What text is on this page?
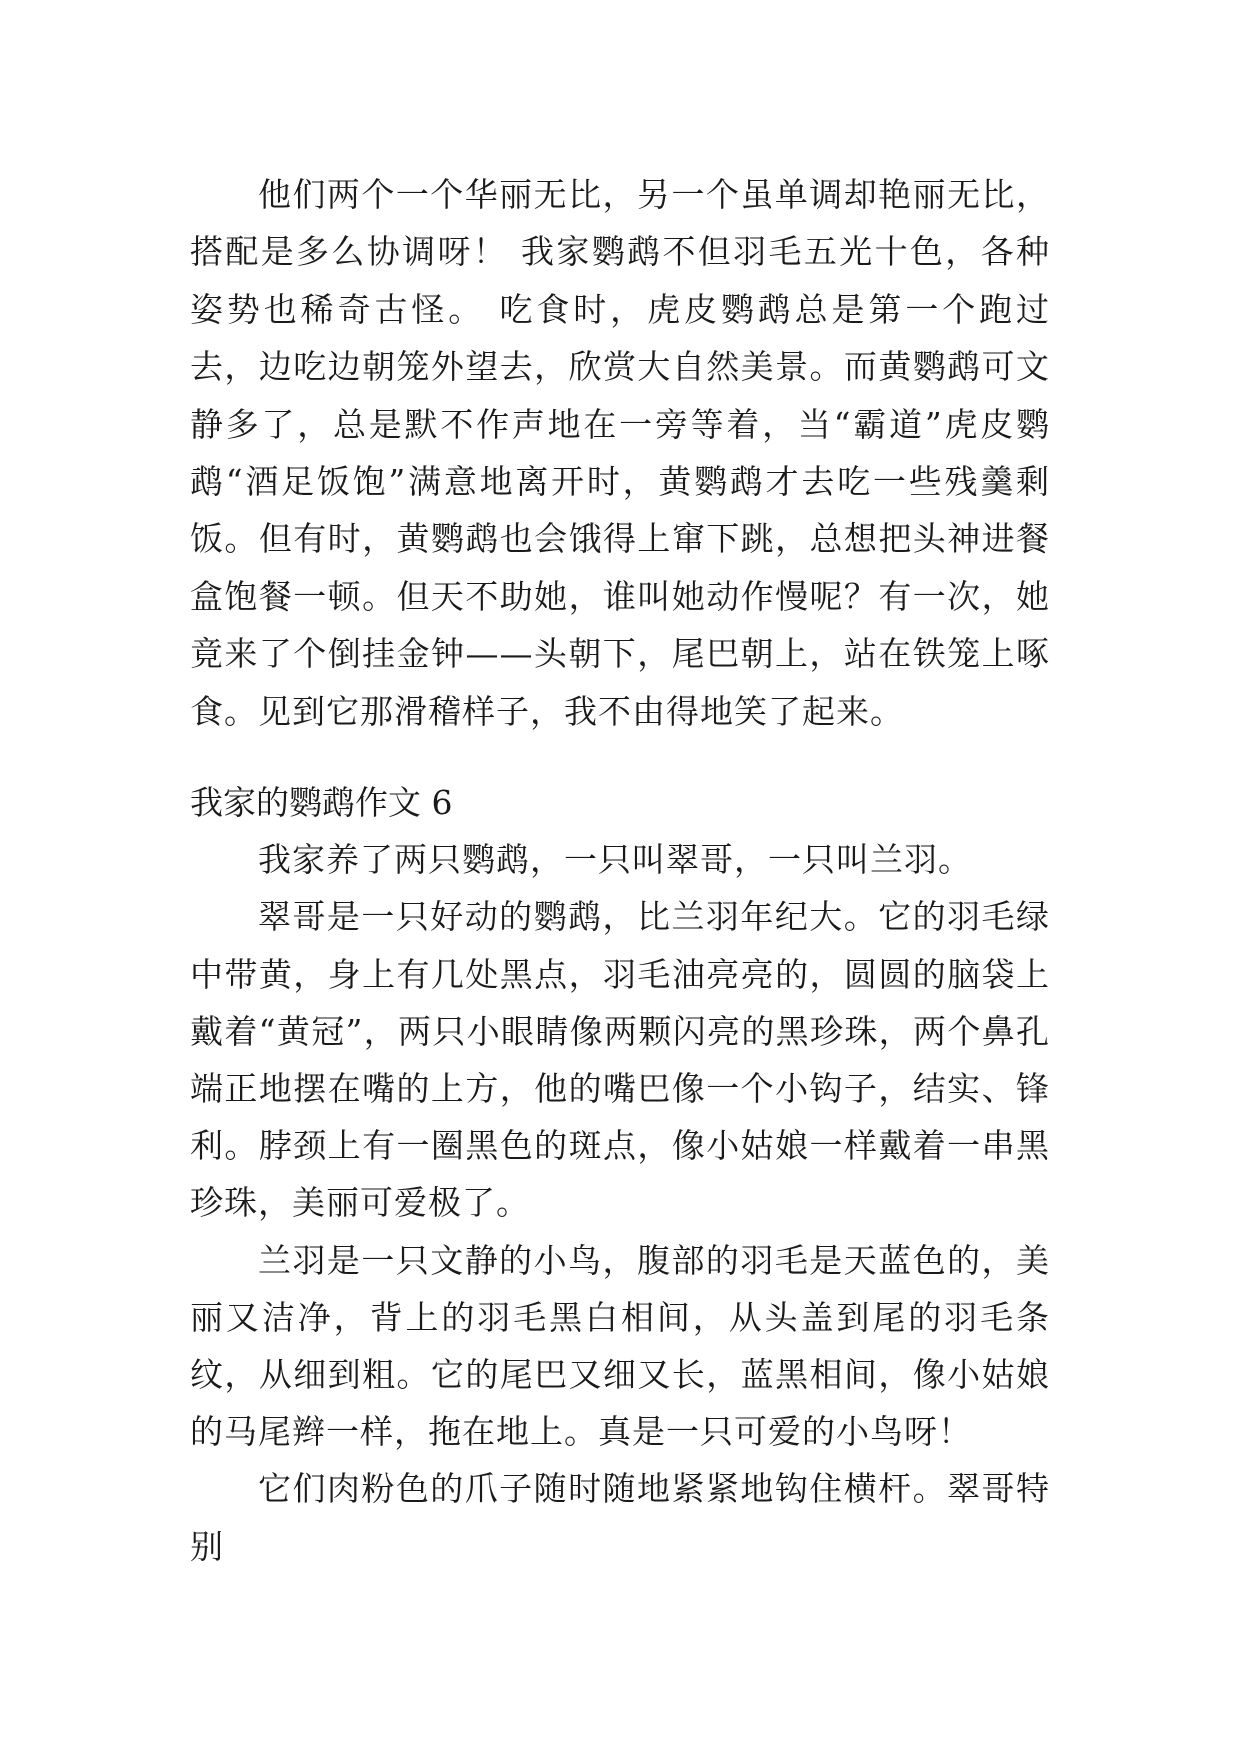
他们两个一个华丽无比，另一个虽单调却艳丽无比，搭配是多么协调呀！ 我家鹦鹉不但羽毛五光十色，各种姿势也稀奇古怪。 吃食时，虎皮鹦鹉总是第一个跑过去，边吃边朝笼外望去，欣赏大自然美景。而黄鹦鹉可文静多了，总是默不作声地在一旁等着，当“霸道”虎皮鹦鹉“酒足饭饱”满意地离开时，黄鹦鹉才去吃一些残羹剩饭。但有时，黄鹦鹉也会饿得上窜下跳，总想把头神进餐盒饱餐一顿。但天不助她，谁叫她动作慢呢？有一次，她竟来了个倒挂金钟——头朝下，尾巴朝上，站在铁笼上啄食。见到它那滑稽样子，我不由得地笑了起来。

我家的鹦鹉作文 6

我家养了两只鹦鹉，一只叫翠哥，一只叫兰羽。

翠哥是一只好动的鹦鹉，比兰羽年纪大。它的羽毛绿中带黄，身上有几处黑点，羽毛油亮亮的，圆圆的脑袋上戴着“黄冠”，两只小眼睛像两颗闪亮的黑珍珠，两个鼻孔端正地摆在嘴的上方，他的嘴巴像一个小钩子，结实、锋利。脖颈上有一圈黑色的斑点，像小姑娘一样戴着一串黑珍珠，美丽可爱极了。

兰羽是一只文静的小鸟，腹部的羽毛是天蓝色的，美丽又洁净，背上的羽毛黑白相间，从头盖到尾的羽毛条纹，从细到粗。它的尾巴又细又长，蓝黑相间，像小姑娘的马尾辫一样，拖在地上。真是一只可爱的小鸟呀！

它们肉粉色的爪子随时随地紧紧地钩住横杆。翠哥特别
